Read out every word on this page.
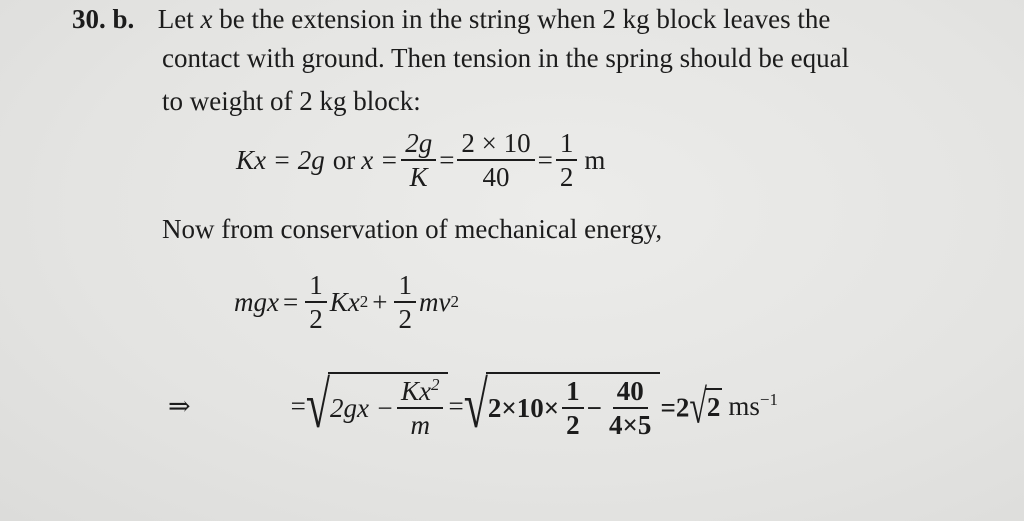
30. b. Let x be the extension in the string when 2 kg block leaves the
contact with ground. Then tension in the spring should be equal
to weight of 2 kg block:
Kx = 2g or $x = \frac{2g}{K} = \frac{2 \times 10}{40} = \frac{1}{2}$ m
Now from conservation of mechanical energy,
mgx = $\frac{1}{2}$ Kx $2 + \frac{1}{2}$ mv 2
⇒	= √ $2gx - \frac{Kx^2}{m}$ = √ $2\times 10\times \frac{1}{2} - \frac{40}{4\times 5} =2$ √ 2 $ms^{-1}$
